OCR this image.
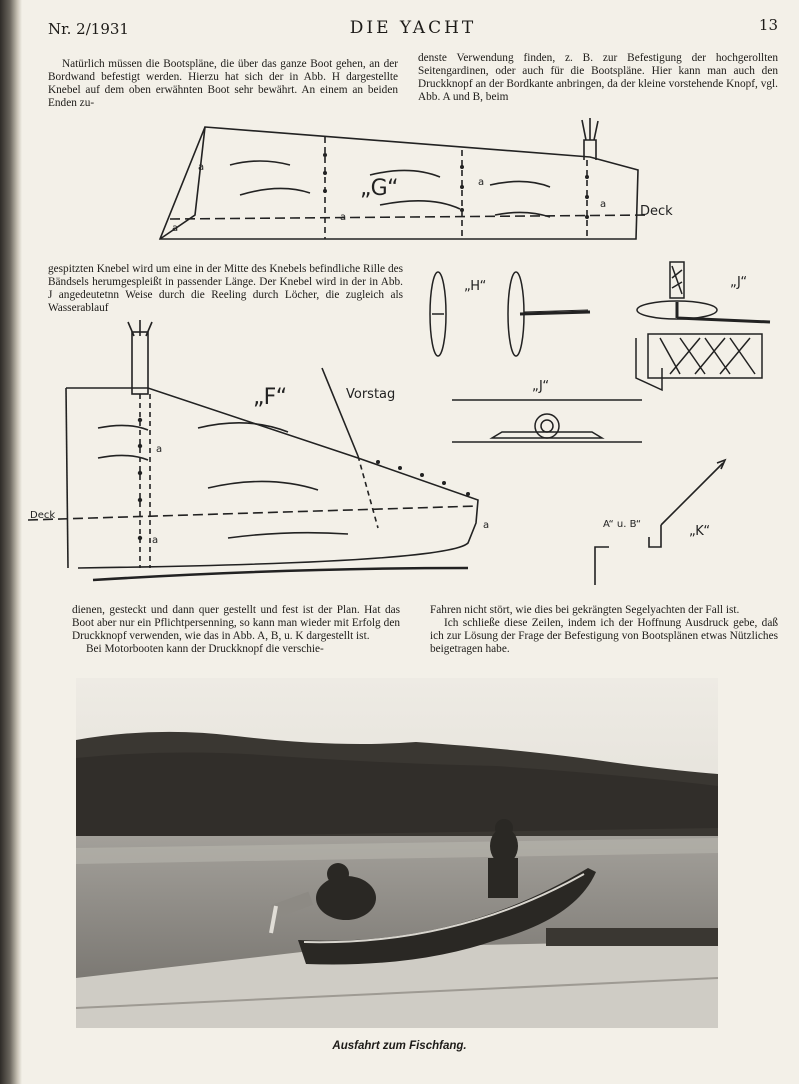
Nr. 2/1931	DIE YACHT	13

Natürlich müssen die Bootspläne, die über das ganze Boot gehen, an der Bordwand befestigt werden. Hierzu hat sich der in Abb. H dargestellte Knebel auf dem oben erwähnten Boot sehr bewährt. An einem an beiden Enden zu-

denste Verwendung finden, z. B. zur Befestigung der hochgerollten Seitengardinen, oder auch für die Bootspläne. Hier kann man auch den Druckknopf an der Bordkante anbringen, da der kleine vorstehende Knopf, vgl. Abb. A und B, beim

„G“
Deck
a
a
a
a
a

gespitzten Knebel wird um eine in der Mitte des Knebels befindliche Rille des Bändsels herumgespleißt in passender Länge. Der Knebel wird in der in Abb. J angedeutetnn Weise durch die Reeling durch Löcher, die zugleich als Wasserablauf

„H“	„J“
„F“	Vorstag
Deck
a
a
a
„J“
A“ u. B“	„K“

dienen, gesteckt und dann quer gestellt und fest ist der Plan. Hat das Boot aber nur ein Pflichtpersenning, so kann man wieder mit Erfolg den Druckknopf verwenden, wie das in Abb. A, B, u. K dargestellt ist.

Bei Motorbooten kann der Druckknopf die verschie-

Fahren nicht stört, wie dies bei gekrängten Segelyachten der Fall ist.

Ich schließe diese Zeilen, indem ich der Hoffnung Ausdruck gebe, daß ich zur Lösung der Frage der Befestigung von Bootsplänen etwas Nützliches beigetragen habe.

Ausfahrt zum Fischfang.
